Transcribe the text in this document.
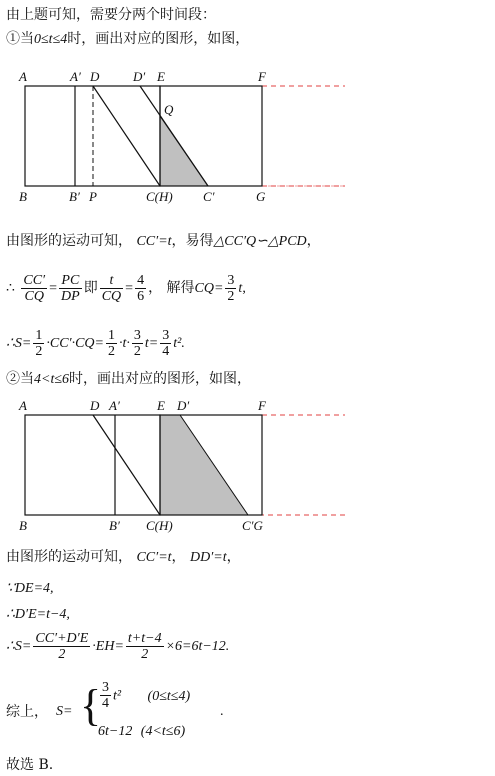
由上题可知，需要分两个时间段：
①当0≤t≤4时，画出对应的图形，如图，
A	A′ D	D′ E	F
Q
B	B′ P	C(H) C′	G
由图形的运动可知， CC′=t，易得△CC′Q∽△PCD，
∴ $\frac{CC'}{CQ} = \frac{PC}{DP}$ 即 $\frac{t}{CQ} = \frac{4}{6}$ ， 解得$CQ= \frac{3}{2} t$,
∴S= $\frac{1}{2} \cdot CC'\cdot CQ= \frac{1}{2} \cdot t\cdot \frac{3}{2} t= \frac{3}{4} t^2$.
②当4<t≤6时，画出对应的图形，如图，
A	D A′	E D′	F
B	B′ C(H)	C′G
由图形的运动可知， CC′=t， DD′=t，
∵DE=4,
∴D′E=t−4,
∴S= $\frac{CC'+D'E}{2} \cdot EH= \frac{t+t-4}{2} \times 6=6t-12$.
综上， S= {
$\frac{3}{4} t^2$ (0≤t≤4)
6t−12 (4<t≤6)
.
故选 B.
